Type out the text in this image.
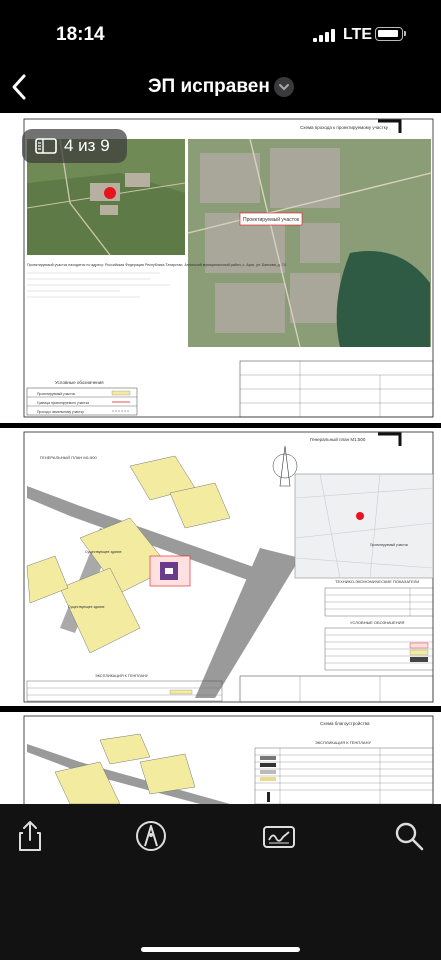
18:14	LTE
ЭП исправен
Проектируемый участок
Схема прохода к проектируемому участку
Проектируемый участок находится по адресу: Российская Федерация Республика Татарстан, Атнинский муниципальный район, с. Арск, ул. Банкова, д. 74
Условные обозначения
Проектируемый участок
Граница проектируемого участка
Проход к земельному участку
4 из 9
Генеральный план М1:500
ГЕНЕРАЛЬНЫЙ ПЛАН М1:500
Существующее здание
Существующее здание
Проектируемый участок
ТЕХНИКО-ЭКОНОМИЧЕСКИЕ ПОКАЗАТЕЛИ
УСЛОВНЫЕ ОБОЗНАЧЕНИЯ
ЭКСПЛИКАЦИЯ К ГЕНПЛАНУ
Схема благоустройства
ЭКСПЛИКАЦИЯ К ГЕНПЛАНУ
